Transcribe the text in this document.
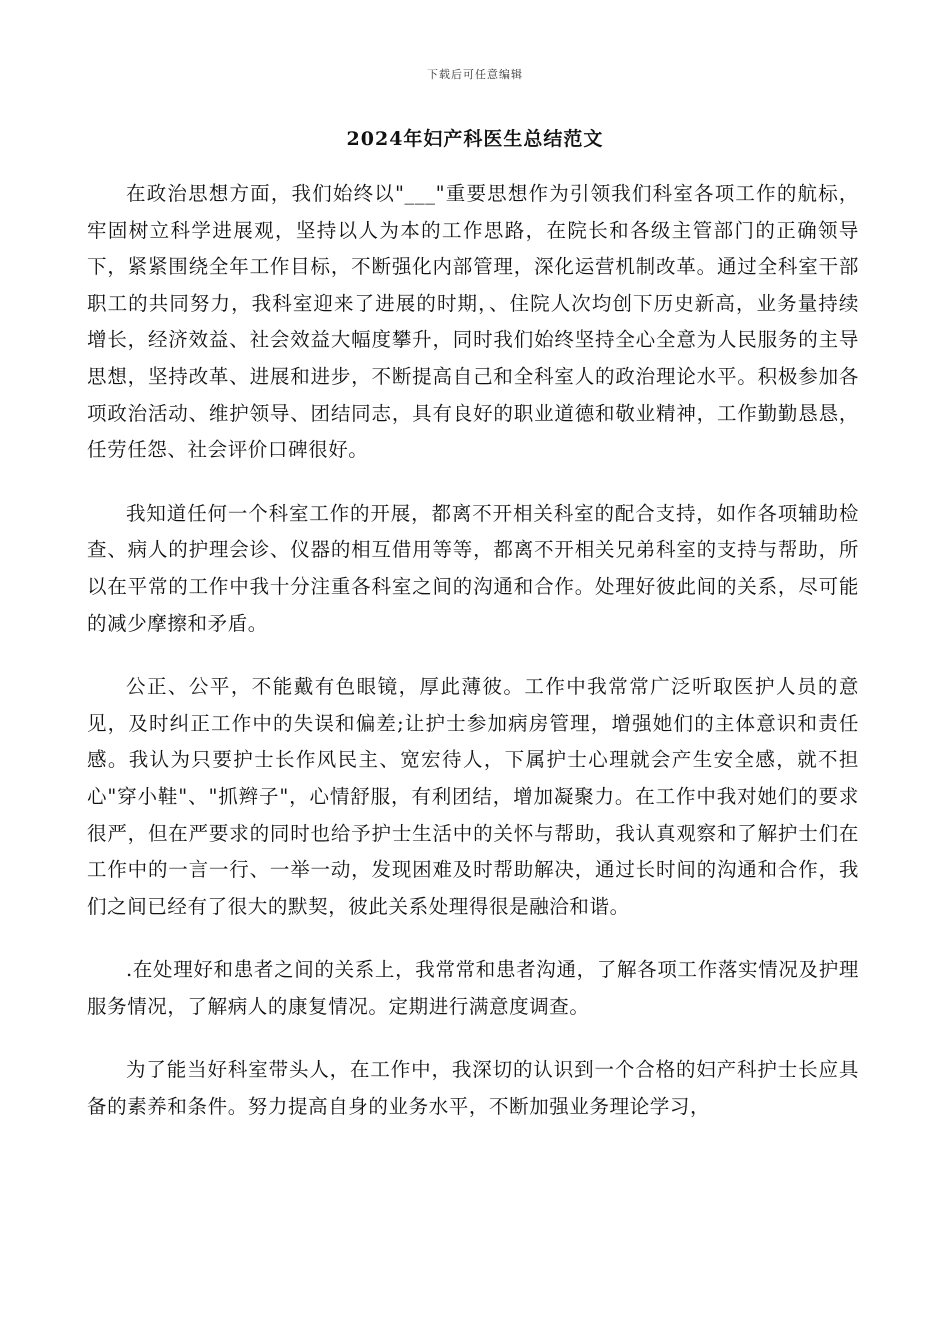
下载后可任意编辑
2024年妇产科医生总结范文

在政治思想方面，我们始终以"___"重要思想作为引领我们科室各项工作的航标，牢固树立科学进展观，坚持以人为本的工作思路，在院长和各级主管部门的正确领导下，紧紧围绕全年工作目标，不断强化内部管理，深化运营机制改革。通过全科室干部职工的共同努力，我科室迎来了进展的时期，、住院人次均创下历史新高，业务量持续增长，经济效益、社会效益大幅度攀升，同时我们始终坚持全心全意为人民服务的主导思想，坚持改革、进展和进步，不断提高自己和全科室人的政治理论水平。积极参加各项政治活动、维护领导、团结同志，具有良好的职业道德和敬业精神，工作勤勤恳恳，任劳任怨、社会评价口碑很好。

我知道任何一个科室工作的开展，都离不开相关科室的配合支持，如作各项辅助检查、病人的护理会诊、仪器的相互借用等等，都离不开相关兄弟科室的支持与帮助，所以在平常的工作中我十分注重各科室之间的沟通和合作。处理好彼此间的关系，尽可能的减少摩擦和矛盾。

公正、公平，不能戴有色眼镜，厚此薄彼。工作中我常常广泛听取医护人员的意见，及时纠正工作中的失误和偏差;让护士参加病房管理，增强她们的主体意识和责任感。我认为只要护士长作风民主、宽宏待人，下属护士心理就会产生安全感，就不担心"穿小鞋"、"抓辫子"，心情舒服，有利团结，增加凝聚力。在工作中我对她们的要求很严，但在严要求的同时也给予护士生活中的关怀与帮助，我认真观察和了解护士们在工作中的一言一行、一举一动，发现困难及时帮助解决，通过长时间的沟通和合作，我们之间已经有了很大的默契，彼此关系处理得很是融洽和谐。

.在处理好和患者之间的关系上，我常常和患者沟通，了解各项工作落实情况及护理服务情况，了解病人的康复情况。定期进行满意度调查。

为了能当好科室带头人，在工作中，我深切的认识到一个合格的妇产科护士长应具备的素养和条件。努力提高自身的业务水平，不断加强业务理论学习，
